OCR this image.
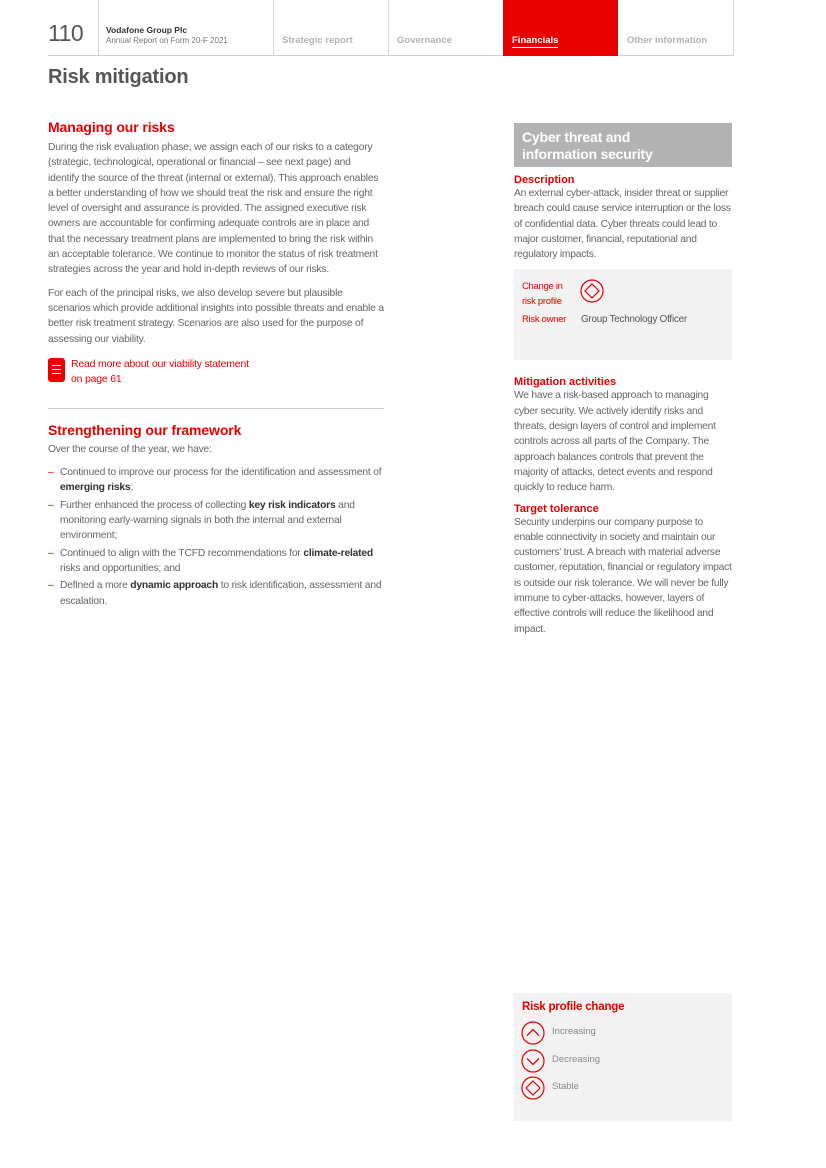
110	Vodafone Group Plc
Annual Report on Form 20-F 2021	Strategic report	Governance	Financials	Other information
Risk mitigation
Managing our risks

During the risk evaluation phase, we assign each of our risks to a category (strategic, technological, operational or financial – see next page) and identify the source of the threat (internal or external). This approach enables a better understanding of how we should treat the risk and ensure the right level of oversight and assurance is provided. The assigned executive risk owners are accountable for confirming adequate controls are in place and that the necessary treatment plans are implemented to bring the risk within an acceptable tolerance. We continue to monitor the status of risk treatment strategies across the year and hold in-depth reviews of our risks.

For each of the principal risks, we also develop severe but plausible scenarios which provide additional insights into possible threats and enable a better risk treatment strategy. Scenarios are also used for the purpose of assessing our viability.

Read more about our viability statement
on page 61
Strengthening our framework

Over the course of the year, we have:

– Continued to improve our process for the identification and assessment of emerging risks;
– Further enhanced the process of collecting key risk indicators and monitoring early-warning signals in both the internal and external environment;
– Continued to align with the TCFD recommendations for climate-related risks and opportunities; and
– Defined a more dynamic approach to risk identification, assessment and escalation.
Cyber threat and
information security
Description

An external cyber-attack, insider threat or supplier breach could cause service interruption or the loss of confidential data. Cyber threats could lead to major customer, financial, reputational and regulatory impacts.

Change in
risk profile
Risk owner Group Technology Officer
Mitigation activities

We have a risk-based approach to managing cyber security. We actively identify risks and threats, design layers of control and implement controls across all parts of the Company. The approach balances controls that prevent the majority of attacks, detect events and respond quickly to reduce harm.

Target tolerance

Security underpins our company purpose to enable connectivity in society and maintain our customers' trust. A breach with material adverse customer, reputation, financial or regulatory impact is outside our risk tolerance. We will never be fully immune to cyber-attacks, however, layers of effective controls will reduce the likelihood and impact.

Risk profile change
Increasing
Decreasing
Stable
